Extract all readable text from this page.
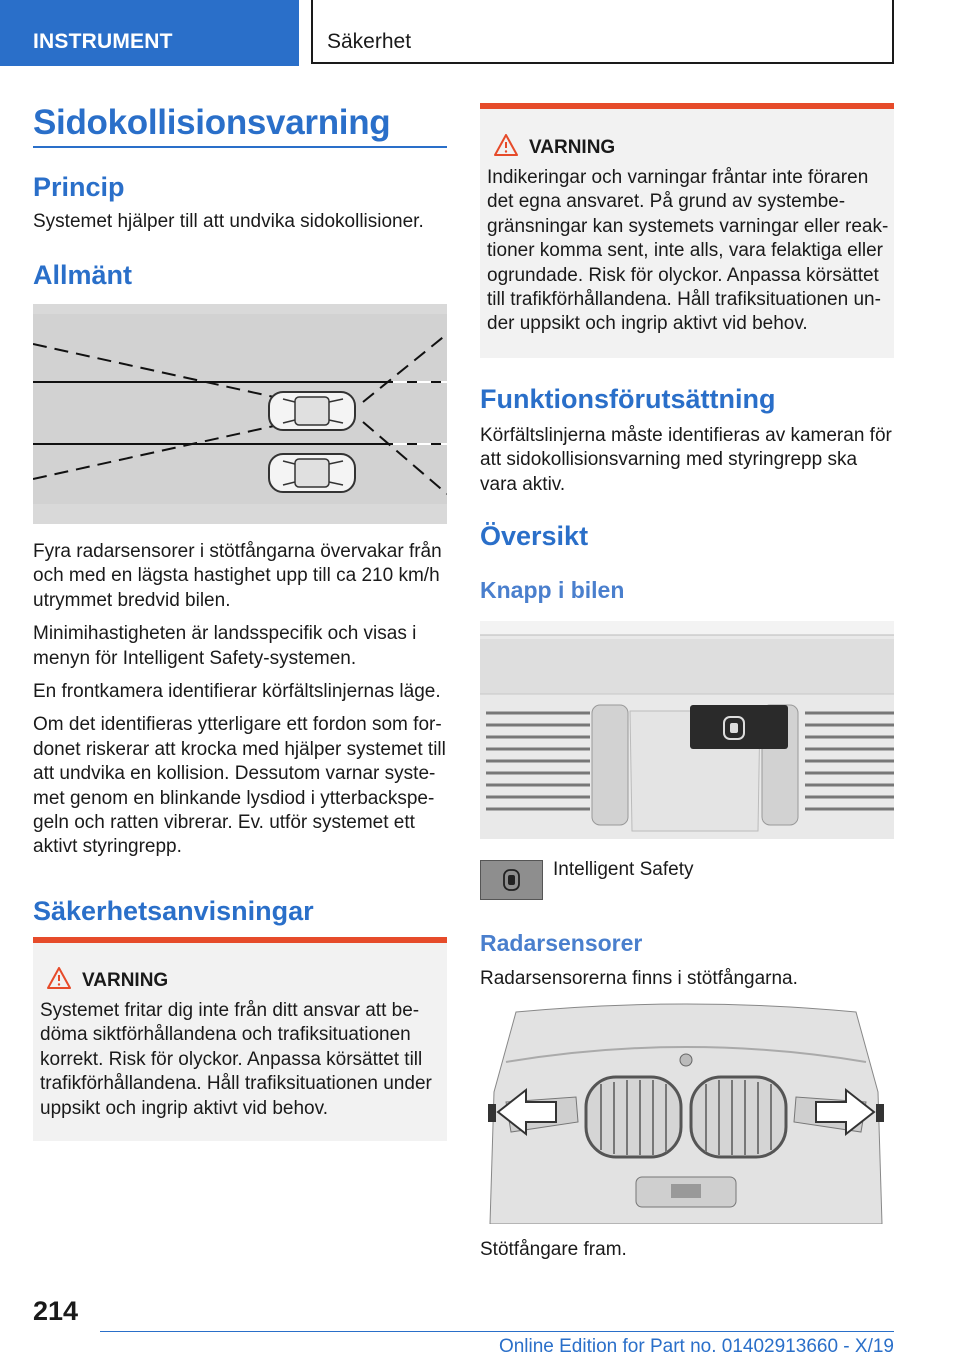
INSTRUMENT	Säkerhet
Sidokollisionsvarning
Princip
Systemet hjälper till att undvika sidokollisioner.
Allmänt
Fyra radarsensorer i stötfångarna övervakar från
och med en lägsta hastighet upp till ca 210 km/h
utrymmet bredvid bilen.
Minimihastigheten är landsspecifik och visas i
menyn för Intelligent Safety-systemen.
En frontkamera identifierar körfältslinjernas läge.
Om det identifieras ytterligare ett fordon som for‐
donet riskerar att krocka med hjälper systemet till
att undvika en kollision. Dessutom varnar syste‐
met genom en blinkande lysdiod i ytterbackspe‐
geln och ratten vibrerar. Ev. utför systemet ett
aktivt styringrepp.
Säkerhetsanvisningar
VARNING
Systemet fritar dig inte från ditt ansvar att be‐
döma siktförhållandena och trafiksituationen
korrekt. Risk för olyckor. Anpassa körsättet till
trafikförhållandena. Håll trafiksituationen under
uppsikt och ingrip aktivt vid behov.
VARNING
Indikeringar och varningar fråntar inte föraren
det egna ansvaret. På grund av systembe‐
gränsningar kan systemets varningar eller reak‐
tioner komma sent, inte alls, vara felaktiga eller
ogrundade. Risk för olyckor. Anpassa körsättet
till trafikförhållandena. Håll trafiksituationen un‐
der uppsikt och ingrip aktivt vid behov.
Funktionsförutsättning
Körfältslinjerna måste identifieras av kameran för
att sidokollisionsvarning med styringrepp ska
vara aktiv.
Översikt
Knapp i bilen
Intelligent Safety
Radarsensorer
Radarsensorerna finns i stötfångarna.
Stötfångare fram.
214
Online Edition for Part no. 01402913660 - X/19
